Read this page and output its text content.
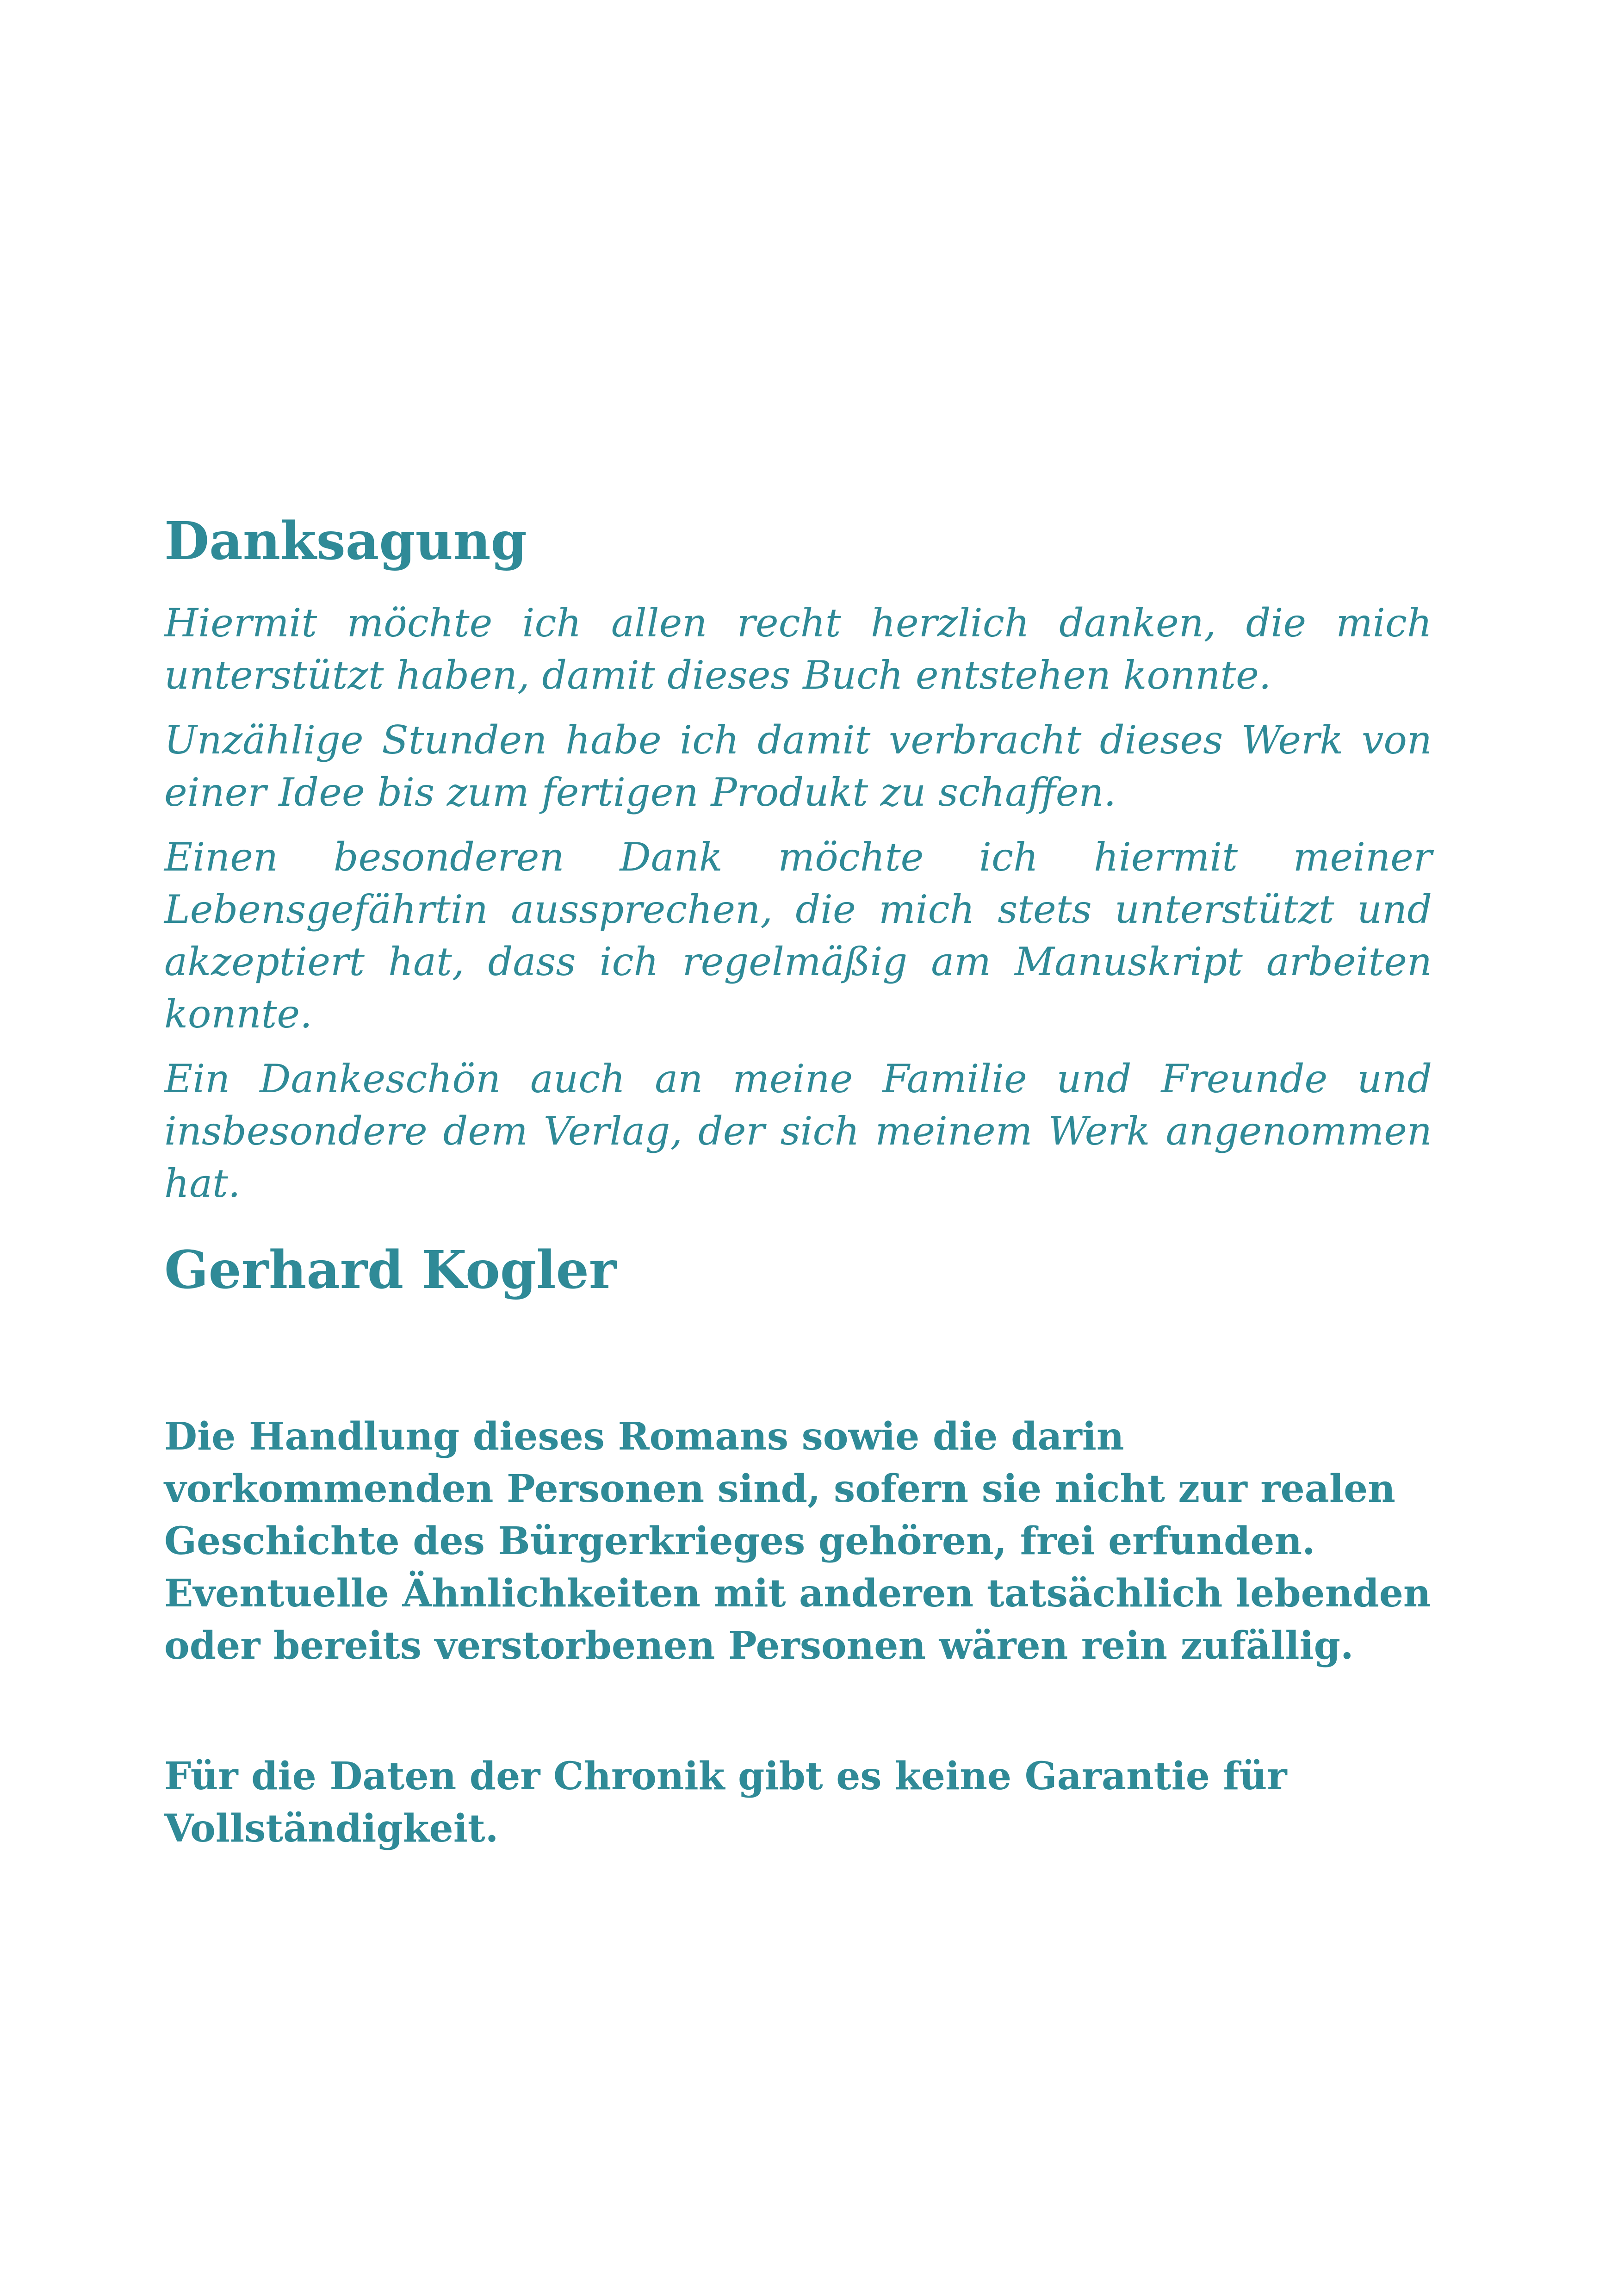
Danksagung

Hiermit möchte ich allen recht herzlich danken, die mich unterstützt haben, damit dieses Buch entstehen konnte.

Unzählige Stunden habe ich damit verbracht dieses Werk von einer Idee bis zum fertigen Produkt zu schaffen.

Einen besonderen Dank möchte ich hiermit meiner Lebensgefährtin aussprechen, die mich stets unterstützt und akzeptiert hat, dass ich regelmäßig am Manuskript arbeiten konnte.

Ein Dankeschön auch an meine Familie und Freunde und insbesondere dem Verlag, der sich meinem Werk angenommen hat.

Gerhard Kogler

Die Handlung dieses Romans sowie die darin vorkommenden Personen sind, sofern sie nicht zur realen Geschichte des Bürgerkrieges gehören, frei erfunden. Eventuelle Ähnlichkeiten mit anderen tatsächlich lebenden oder bereits verstorbenen Personen wären rein zufällig.

Für die Daten der Chronik gibt es keine Garantie für Vollständigkeit.
